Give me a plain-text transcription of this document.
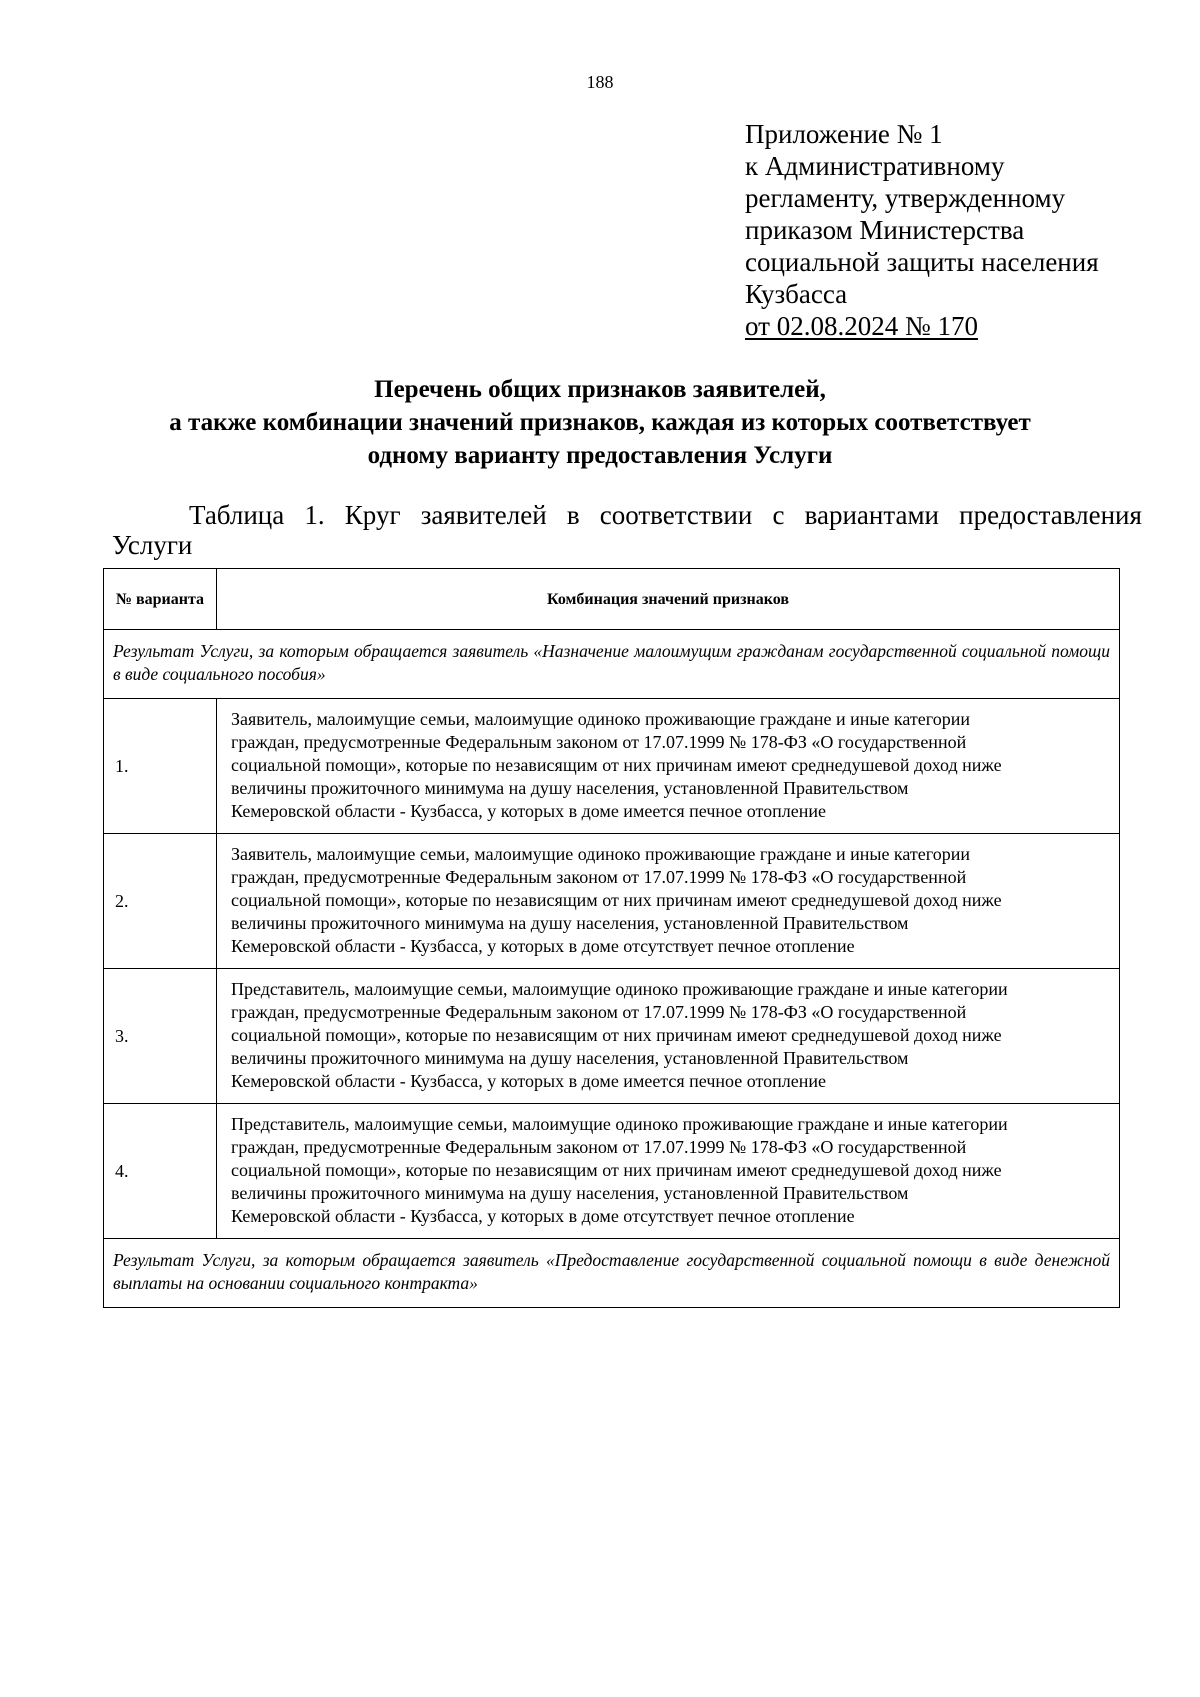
188
Приложение № 1
к Административному
регламенту, утвержденному
приказом Министерства
социальной защиты населения
Кузбасса
от 02.08.2024 № 170
Перечень общих признаков заявителей,
а также комбинации значений признаков, каждая из которых соответствует
одному варианту предоставления Услуги
Таблица 1. Круг заявителей в соответствии с вариантами предоставления
Услуги
№ варианта	Комбинация значений признаков
Результат Услуги, за которым обращается заявитель «Назначение малоимущим гражданам государственной социальной помощи в виде социального пособия»	
1.	Заявитель, малоимущие семьи, малоимущие одиноко проживающие граждане и иные категории
граждан, предусмотренные Федеральным законом от 17.07.1999 № 178-ФЗ «О государственной
социальной помощи», которые по независящим от них причинам имеют среднедушевой доход ниже
величины прожиточного минимума на душу населения, установленной Правительством
Кемеровской области - Кузбасса, у которых в доме имеется печное отопление

2.	Заявитель, малоимущие семьи, малоимущие одиноко проживающие граждане и иные категории
граждан, предусмотренные Федеральным законом от 17.07.1999 № 178-ФЗ «О государственной
социальной помощи», которые по независящим от них причинам имеют среднедушевой доход ниже
величины прожиточного минимума на душу населения, установленной Правительством
Кемеровской области - Кузбасса, у которых в доме отсутствует печное отопление

3.	Представитель, малоимущие семьи, малоимущие одиноко проживающие граждане и иные категории
граждан, предусмотренные Федеральным законом от 17.07.1999 № 178-ФЗ «О государственной
социальной помощи», которые по независящим от них причинам имеют среднедушевой доход ниже
величины прожиточного минимума на душу населения, установленной Правительством
Кемеровской области - Кузбасса, у которых в доме имеется печное отопление

4.	Представитель, малоимущие семьи, малоимущие одиноко проживающие граждане и иные категории
граждан, предусмотренные Федеральным законом от 17.07.1999 № 178-ФЗ «О государственной
социальной помощи», которые по независящим от них причинам имеют среднедушевой доход ниже
величины прожиточного минимума на душу населения, установленной Правительством
Кемеровской области - Кузбасса, у которых в доме отсутствует печное отопление

Результат Услуги, за которым обращается заявитель «Предоставление государственной социальной помощи в виде денежной выплаты на основании социального контракта»	
